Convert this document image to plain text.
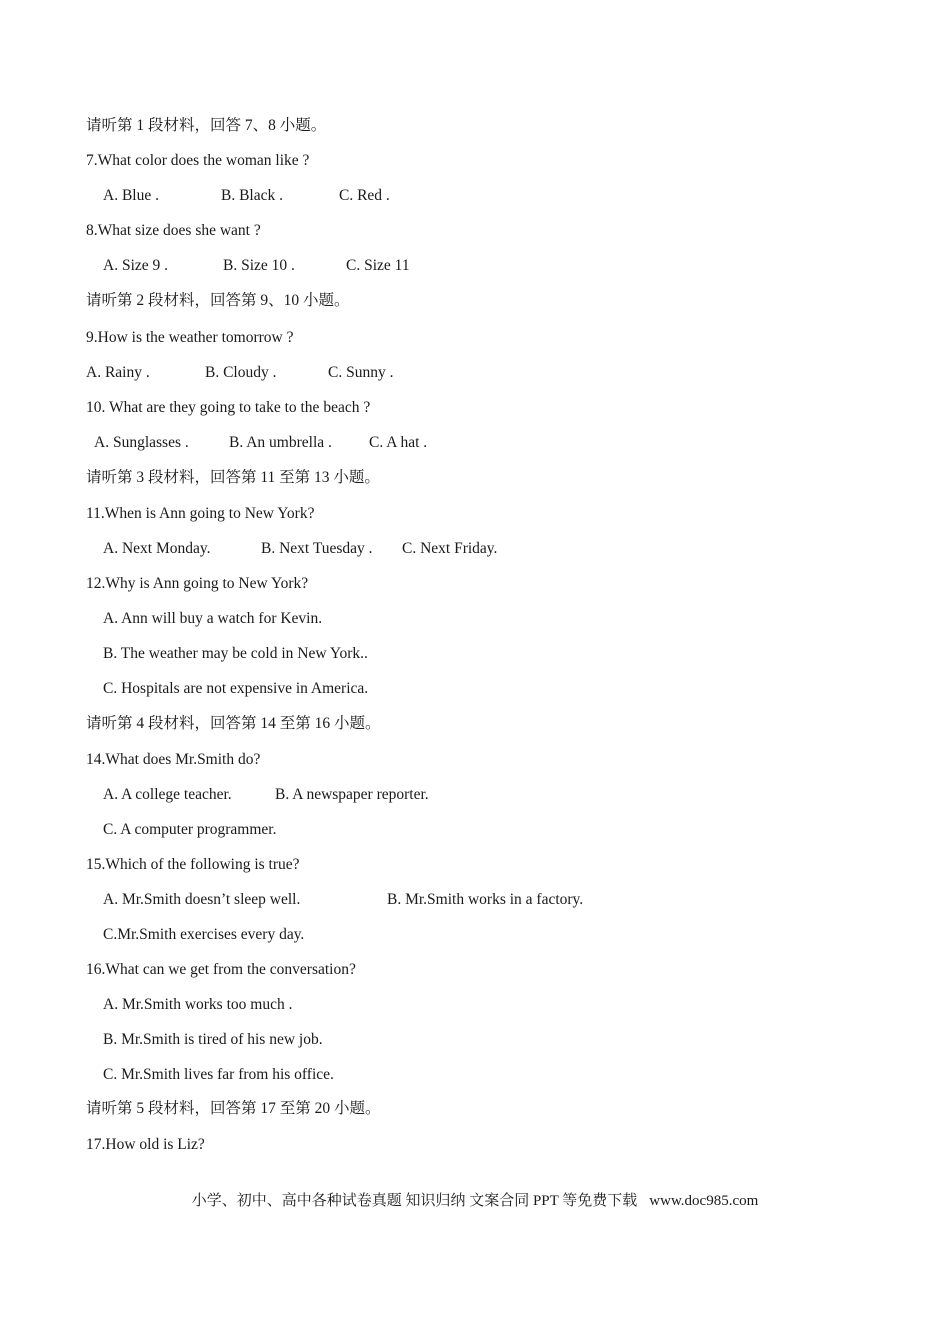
请听第 1 段材料，回答 7、8 小题。
7.What color does the woman like ?
A. Blue .	B. Black .	C. Red .
8.What size does she want ?
A. Size 9 .	B. Size 10 .	C. Size 11
请听第 2 段材料，回答第 9、10 小题。
9.How is the weather tomorrow ?
A. Rainy .	B. Cloudy .	C. Sunny .
10. What are they going to take to the beach ?
A. Sunglasses .	B. An umbrella . C. A hat .
请听第 3 段材料，回答第 11 至第 13 小题。
11.When is Ann going to New York?
A. Next Monday.	B. Next Tuesday . C. Next Friday.
12.Why is Ann going to New York?
A. Ann will buy a watch for Kevin.
B. The weather may be cold in New York..
C. Hospitals are not expensive in America.
请听第 4 段材料，回答第 14 至第 16 小题。
14.What does Mr.Smith do?
A. A college teacher.	B. A newspaper reporter.
C. A computer programmer.
15.Which of the following is true?
A. Mr.Smith doesn’t sleep well.	B. Mr.Smith works in a factory.
C.Mr.Smith exercises every day.
16.What can we get from the conversation?
A. Mr.Smith works too much .
B. Mr.Smith is tired of his new job.
C. Mr.Smith lives far from his office.
请听第 5 段材料，回答第 17 至第 20 小题。
17.How old is Liz?
小学、初中、高中各种试卷真题 知识归纳 文案合同 PPT 等免费下载 www.doc985.com
